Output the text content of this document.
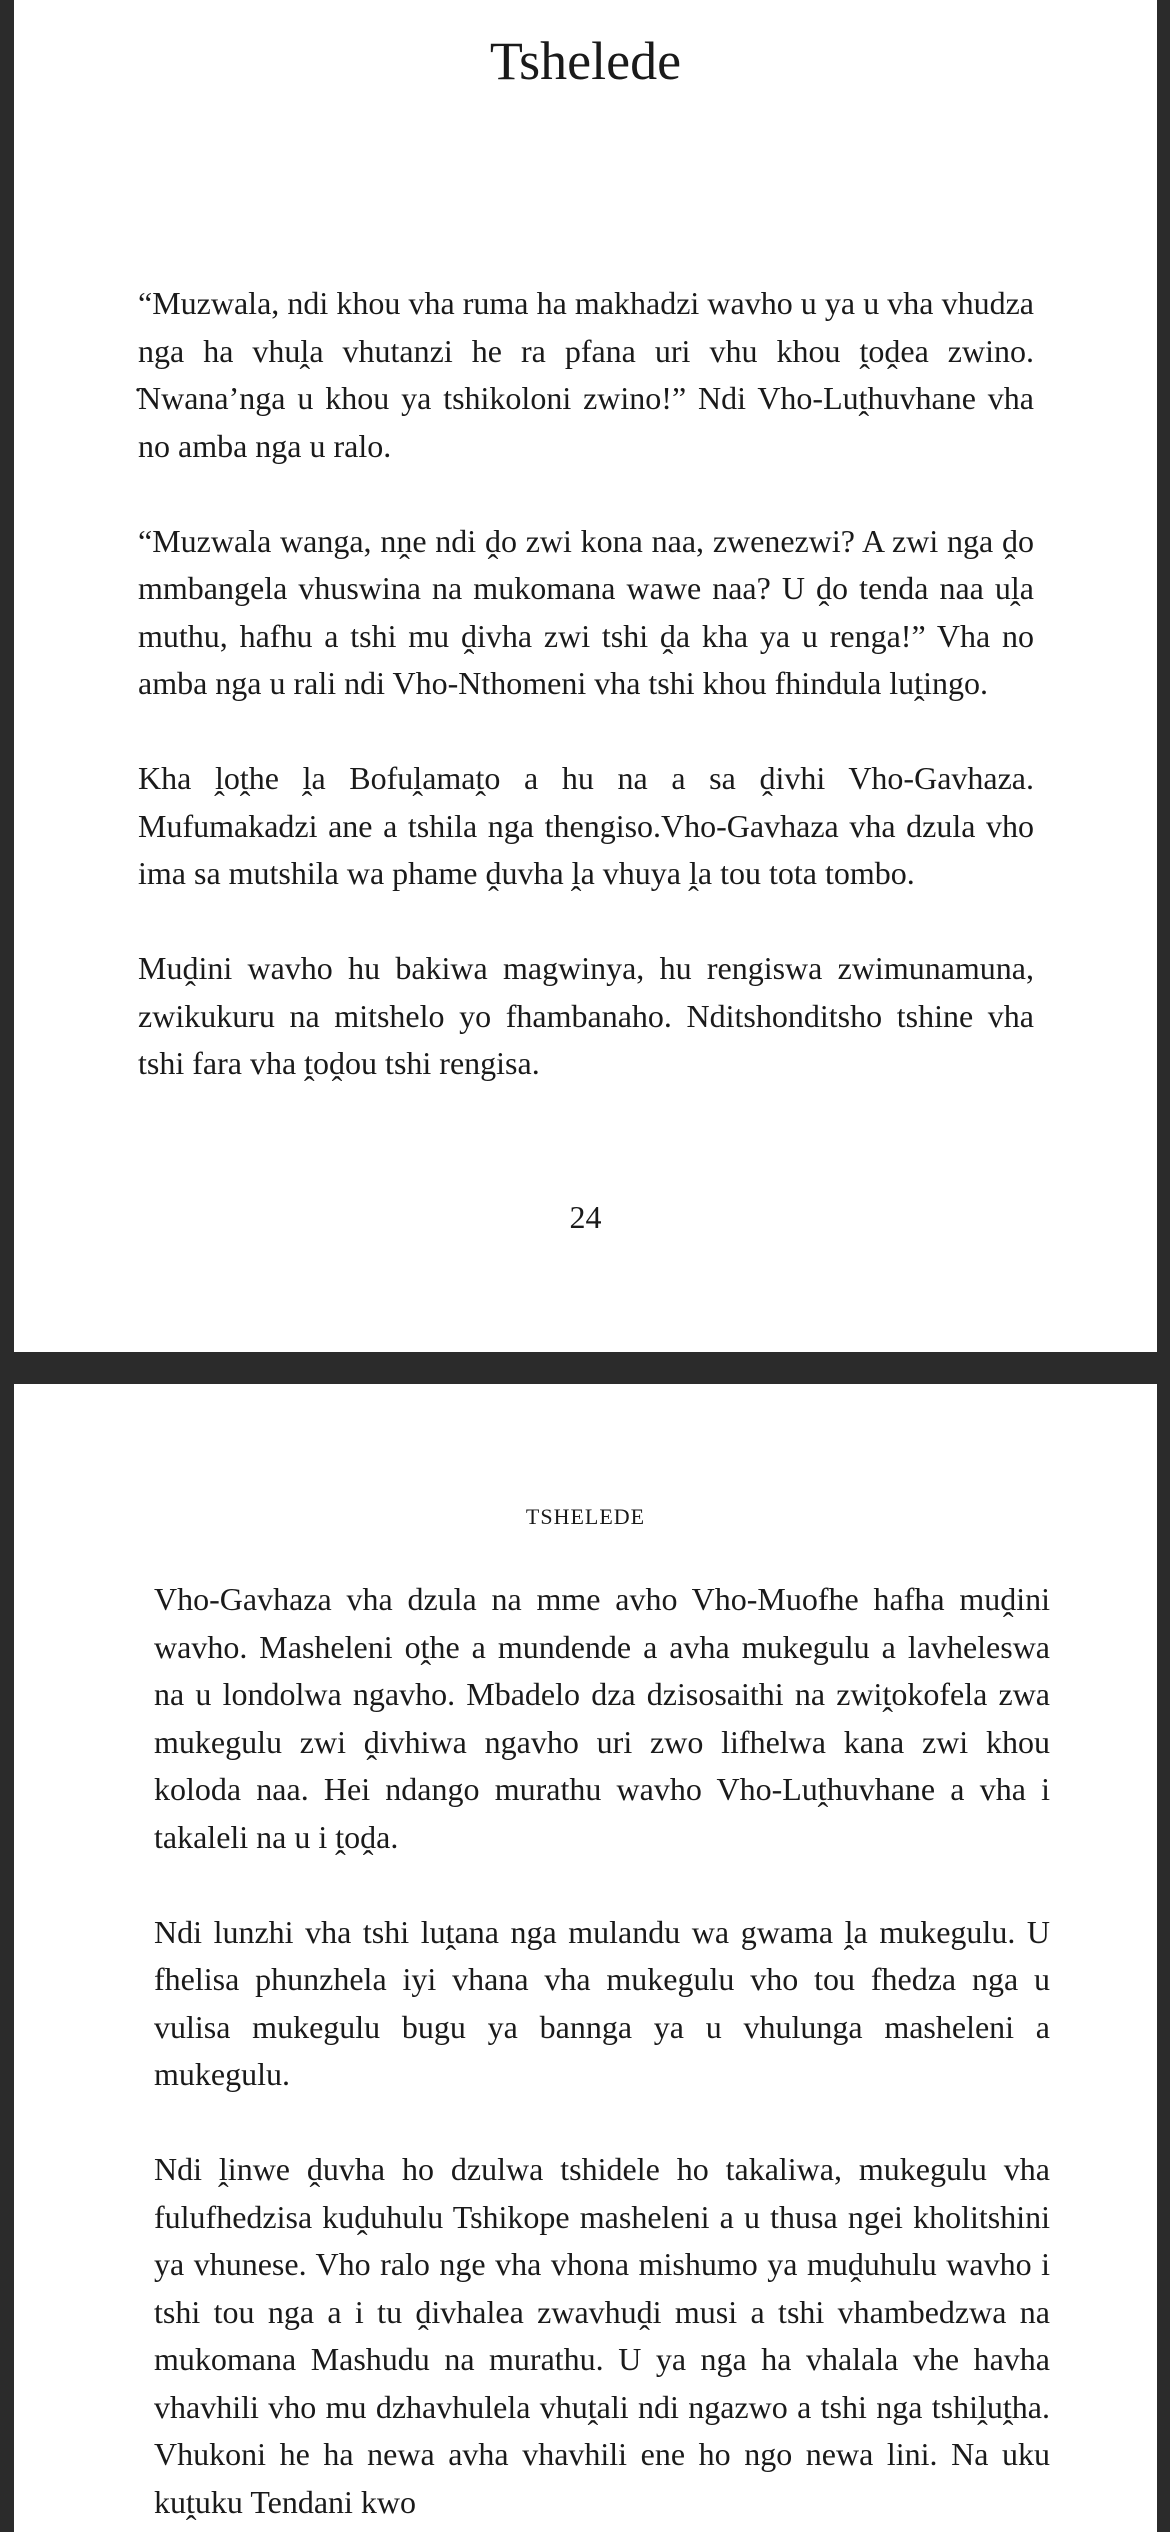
Tshelede

“Muzwala, ndi khou vha ruma ha makhadzi wavho u ya u vha vhudza nga ha vhuḽa vhutanzi he ra pfana uri vhu khou ṱoḓea zwino. ̇Nwana’nga u khou ya tshikoloni zwino!” Ndi Vho-Luṱhuvhane vha no amba nga u ralo.

“Muzwala wanga, nṋe ndi ḓo zwi kona naa, zwenezwi? A zwi nga ḓo mmbangela vhuswina na mukomana wawe naa? U ḓo tenda naa uḽa muthu, hafhu a tshi mu ḓivha zwi tshi ḓa kha ya u renga!” Vha no amba nga u rali ndi Vho-Nthomeni vha tshi khou fhindula luṱingo.

Kha ḽoṱhe ḽa Bofuḽamaṱo a hu na a sa ḓivhi Vho-Gavhaza. Mufumakadzi ane a tshila nga thengiso.Vho-Gavhaza vha dzula vho ima sa mutshila wa phame ḓuvha ḽa vhuya ḽa tou tota tombo.

Muḓini wavho hu bakiwa magwinya, hu rengiswa zwimunamuna, zwikukuru na mitshelo yo fhambanaho. Nditshonditsho tshine vha tshi fara vha ṱoḓou tshi rengisa.

24
TSHELEDE

Vho-Gavhaza vha dzula na mme avho Vho-Muofhe hafha muḓini wavho. Masheleni oṱhe a mundende a avha mukegulu a lavheleswa na u londolwa ngavho. Mbadelo dza dzisosaithi na zwiṱokofela zwa mukegulu zwi ḓivhiwa ngavho uri zwo lifhelwa kana zwi khou koloda naa. Hei ndango murathu wavho Vho-Luṱhuvhane a vha i takaleli na u i ṱoḓa.

Ndi lunzhi vha tshi luṱana nga mulandu wa gwama ḽa mukegulu. U fhelisa phunzhela iyi vhana vha mukegulu vho tou fhedza nga u vulisa mukegulu bugu ya bannga ya u vhulunga masheleni a mukegulu.

Ndi ḽinwe ḓuvha ho dzulwa tshidele ho takaliwa, mukegulu vha fulufhedzisa kuḓuhulu Tshikope masheleni a u thusa ngei kholitshini ya vhunese. Vho ralo nge vha vhona mishumo ya muḓuhulu wavho i tshi tou nga a i tu ḓivhalea zwavhuḓi musi a tshi vhambedzwa na mukomana Mashudu na murathu. U ya nga ha vhalala vhe havha vhavhili vho mu dzhavhulela vhuṱali ndi ngazwo a tshi nga tshiḽuṱha. Vhukoni he ha newa avha vhavhili ene ho ngo newa lini. Na uku kuṱuku Tendani kwo
